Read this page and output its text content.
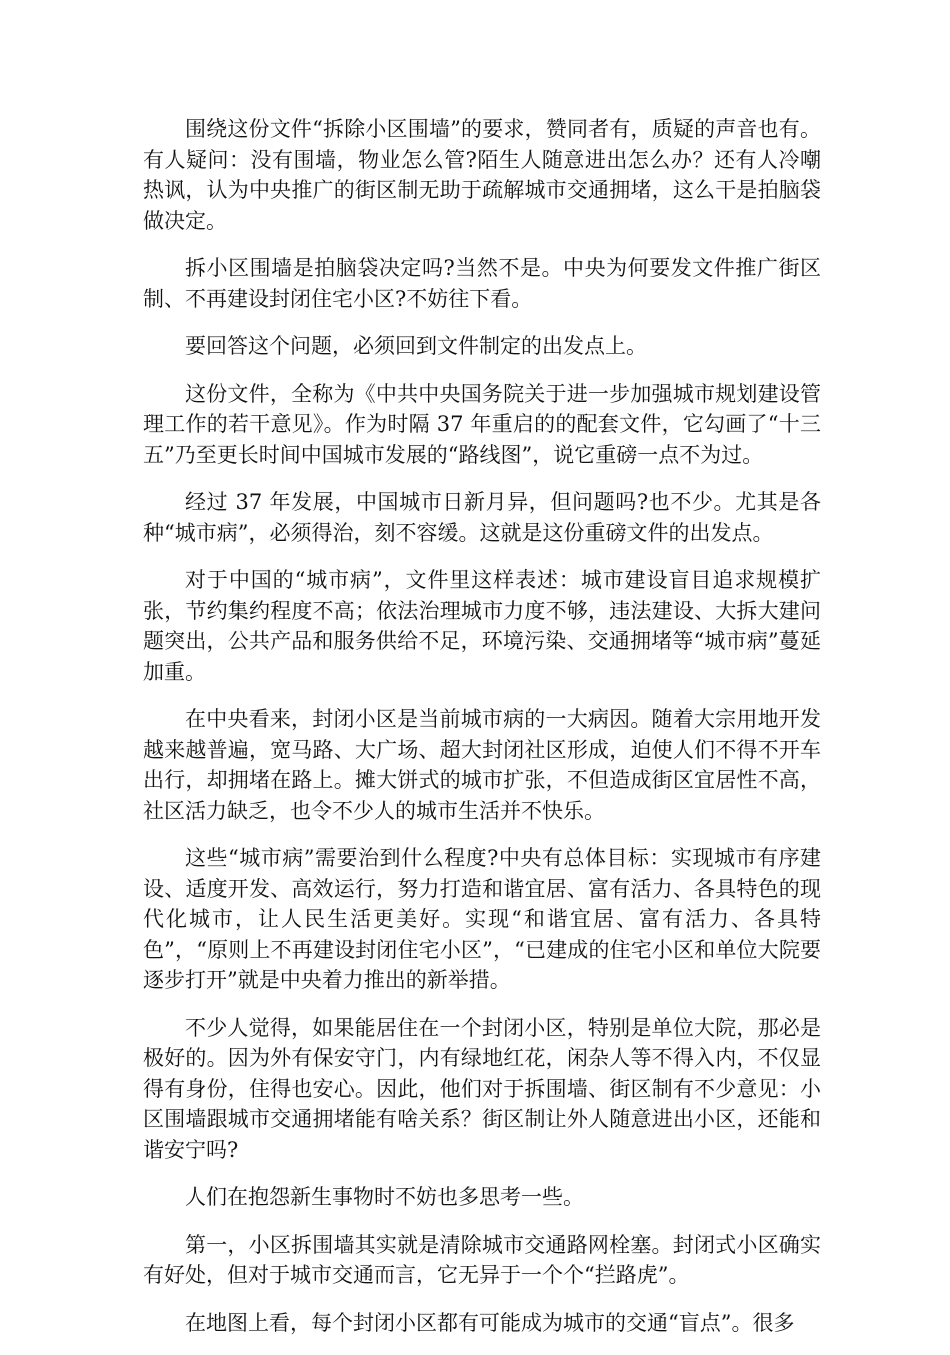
围绕这份文件“拆除小区围墙”的要求，赞同者有，质疑的声音也有。有人疑问：没有围墙，物业怎么管?陌生人随意进出怎么办？还有人冷嘲热讽，认为中央推广的街区制无助于疏解城市交通拥堵，这么干是拍脑袋做决定。

拆小区围墙是拍脑袋决定吗?当然不是。中央为何要发文件推广街区制、不再建设封闭住宅小区?不妨往下看。

要回答这个问题，必须回到文件制定的出发点上。

这份文件，全称为《中共中央国务院关于进一步加强城市规划建设管理工作的若干意见》。作为时隔 37 年重启的的配套文件，它勾画了“十三五”乃至更长时间中国城市发展的“路线图”，说它重磅一点不为过。

经过 37 年发展，中国城市日新月异，但问题吗?也不少。尤其是各种“城市病”，必须得治，刻不容缓。这就是这份重磅文件的出发点。

对于中国的“城市病”，文件里这样表述：城市建设盲目追求规模扩张，节约集约程度不高；依法治理城市力度不够，违法建设、大拆大建问题突出，公共产品和服务供给不足，环境污染、交通拥堵等“城市病”蔓延加重。

在中央看来，封闭小区是当前城市病的一大病因。随着大宗用地开发越来越普遍，宽马路、大广场、超大封闭社区形成，迫使人们不得不开车出行，却拥堵在路上。摊大饼式的城市扩张，不但造成街区宜居性不高，社区活力缺乏，也令不少人的城市生活并不快乐。

这些“城市病”需要治到什么程度?中央有总体目标：实现城市有序建设、适度开发、高效运行，努力打造和谐宜居、富有活力、各具特色的现代化城市，让人民生活更美好。实现“和谐宜居、富有活力、各具特色”，“原则上不再建设封闭住宅小区”，“已建成的住宅小区和单位大院要逐步打开”就是中央着力推出的新举措。

不少人觉得，如果能居住在一个封闭小区，特别是单位大院，那必是极好的。因为外有保安守门，内有绿地红花，闲杂人等不得入内，不仅显得有身份，住得也安心。因此，他们对于拆围墙、街区制有不少意见：小区围墙跟城市交通拥堵能有啥关系？街区制让外人随意进出小区，还能和谐安宁吗?

人们在抱怨新生事物时不妨也多思考一些。

第一，小区拆围墙其实就是清除城市交通路网栓塞。封闭式小区确实有好处，但对于城市交通而言，它无异于一个个“拦路虎”。

在地图上看，每个封闭小区都有可能成为城市的交通“盲点”。很多
